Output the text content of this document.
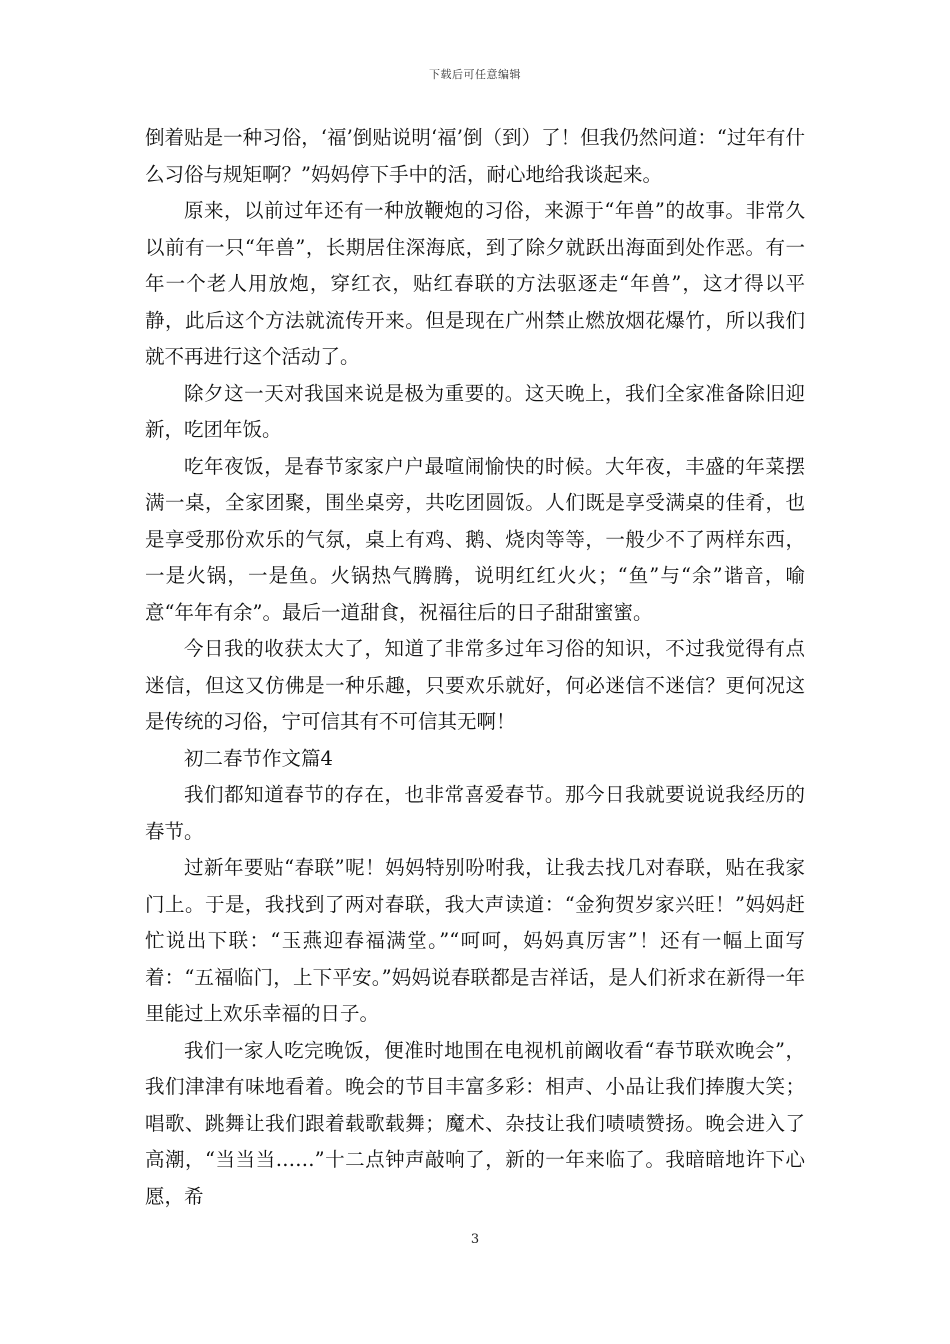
下载后可任意编辑

倒着贴是一种习俗，‘福’倒贴说明‘福’倒（到）了！但我仍然问道：“过年有什么习俗与规矩啊？”妈妈停下手中的活，耐心地给我谈起来。

原来，以前过年还有一种放鞭炮的习俗，来源于“年兽”的故事。非常久以前有一只“年兽”，长期居住深海底，到了除夕就跃出海面到处作恶。有一年一个老人用放炮，穿红衣，贴红春联的方法驱逐走“年兽”，这才得以平静，此后这个方法就流传开来。但是现在广州禁止燃放烟花爆竹，所以我们就不再进行这个活动了。

除夕这一天对我国来说是极为重要的。这天晚上，我们全家准备除旧迎新，吃团年饭。

吃年夜饭，是春节家家户户最喧闹愉快的时候。大年夜，丰盛的年菜摆满一桌，全家团聚，围坐桌旁，共吃团圆饭。人们既是享受满桌的佳肴，也是享受那份欢乐的气氛，桌上有鸡、鹅、烧肉等等，一般少不了两样东西，一是火锅，一是鱼。火锅热气腾腾，说明红红火火；“鱼”与“余”谐音，喻意“年年有余”。最后一道甜食，祝福往后的日子甜甜蜜蜜。

今日我的收获太大了，知道了非常多过年习俗的知识，不过我觉得有点迷信，但这又仿佛是一种乐趣，只要欢乐就好，何必迷信不迷信？更何况这是传统的习俗，宁可信其有不可信其无啊！

初二春节作文篇4

我们都知道春节的存在，也非常喜爱春节。那今日我就要说说我经历的春节。

过新年要贴“春联”呢！妈妈特别吩咐我，让我去找几对春联，贴在我家门上。于是，我找到了两对春联，我大声读道：“金狗贺岁家兴旺！”妈妈赶忙说出下联：“玉燕迎春福满堂。”“呵呵，妈妈真厉害”！还有一幅上面写着：“五福临门，上下平安。”妈妈说春联都是吉祥话，是人们祈求在新得一年里能过上欢乐幸福的日子。

我们一家人吃完晚饭，便准时地围在电视机前阚收看“春节联欢晚会”，我们津津有味地看着。晚会的节目丰富多彩：相声、小品让我们捧腹大笑；唱歌、跳舞让我们跟着载歌载舞；魔术、杂技让我们啧啧赞扬。晚会进入了高潮，“当当当……”十二点钟声敲响了，新的一年来临了。我暗暗地许下心愿，希

3
